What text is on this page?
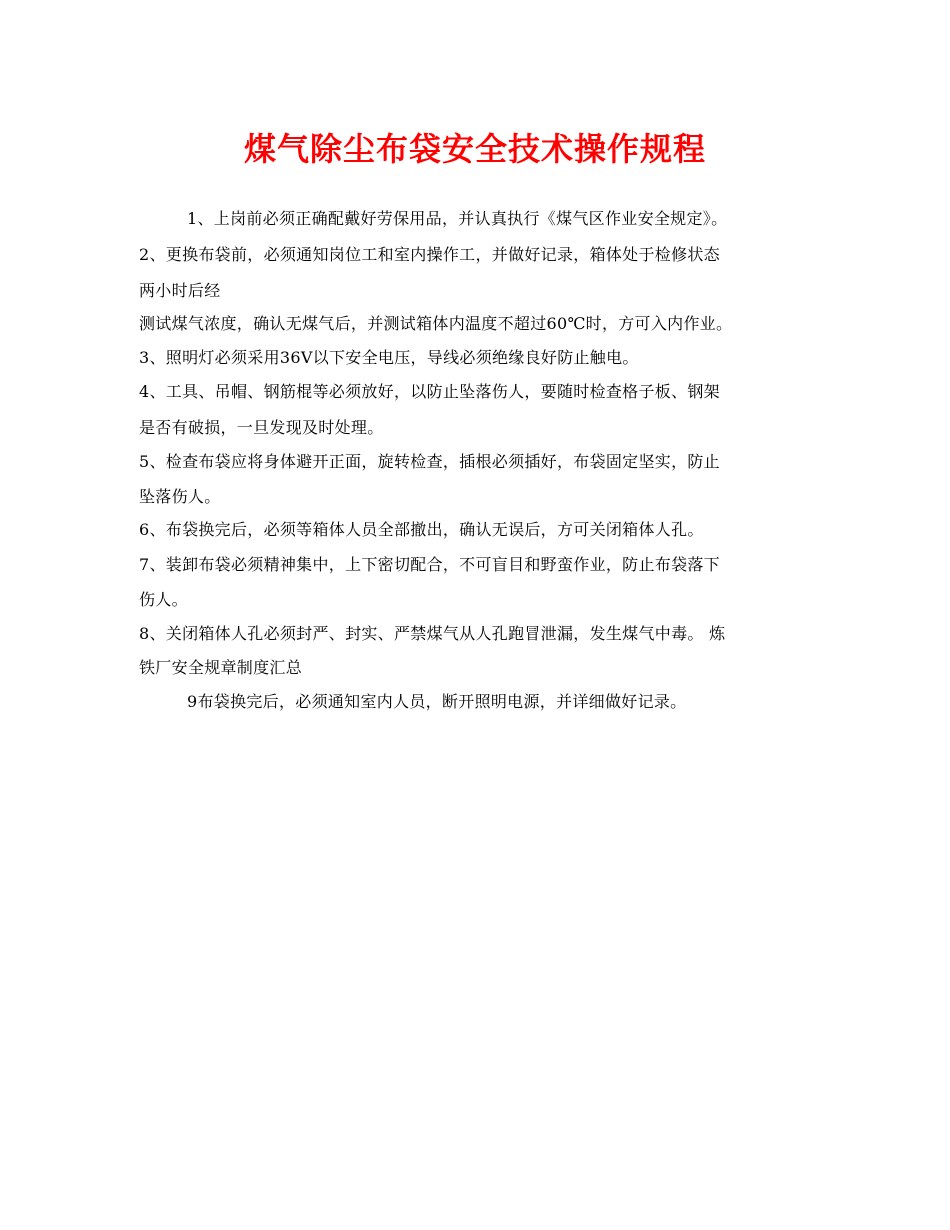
煤气除尘布袋安全技术操作规程
1、上岗前必须正确配戴好劳保用品，并认真执行《煤气区作业安全规定》。
2、更换布袋前，必须通知岗位工和室内操作工，并做好记录，箱体处于检修状态
两小时后经
测试煤气浓度，确认无煤气后，并测试箱体内温度不超过60℃时，方可入内作业。
3、照明灯必须采用36V以下安全电压，导线必须绝缘良好防止触电。
4、工具、吊帽、钢筋棍等必须放好，以防止坠落伤人，要随时检查格子板、钢架
是否有破损，一旦发现及时处理。
5、检查布袋应将身体避开正面，旋转检查，插根必须插好，布袋固定坚实，防止
坠落伤人。
6、布袋换完后，必须等箱体人员全部撤出，确认无误后，方可关闭箱体人孔。
7、装卸布袋必须精神集中，上下密切配合，不可盲目和野蛮作业，防止布袋落下
伤人。
8、关闭箱体人孔必须封严、封实、严禁煤气从人孔跑冒泄漏，发生煤气中毒。 炼
铁厂安全规章制度汇总
9布袋换完后，必须通知室内人员，断开照明电源，并详细做好记录。
